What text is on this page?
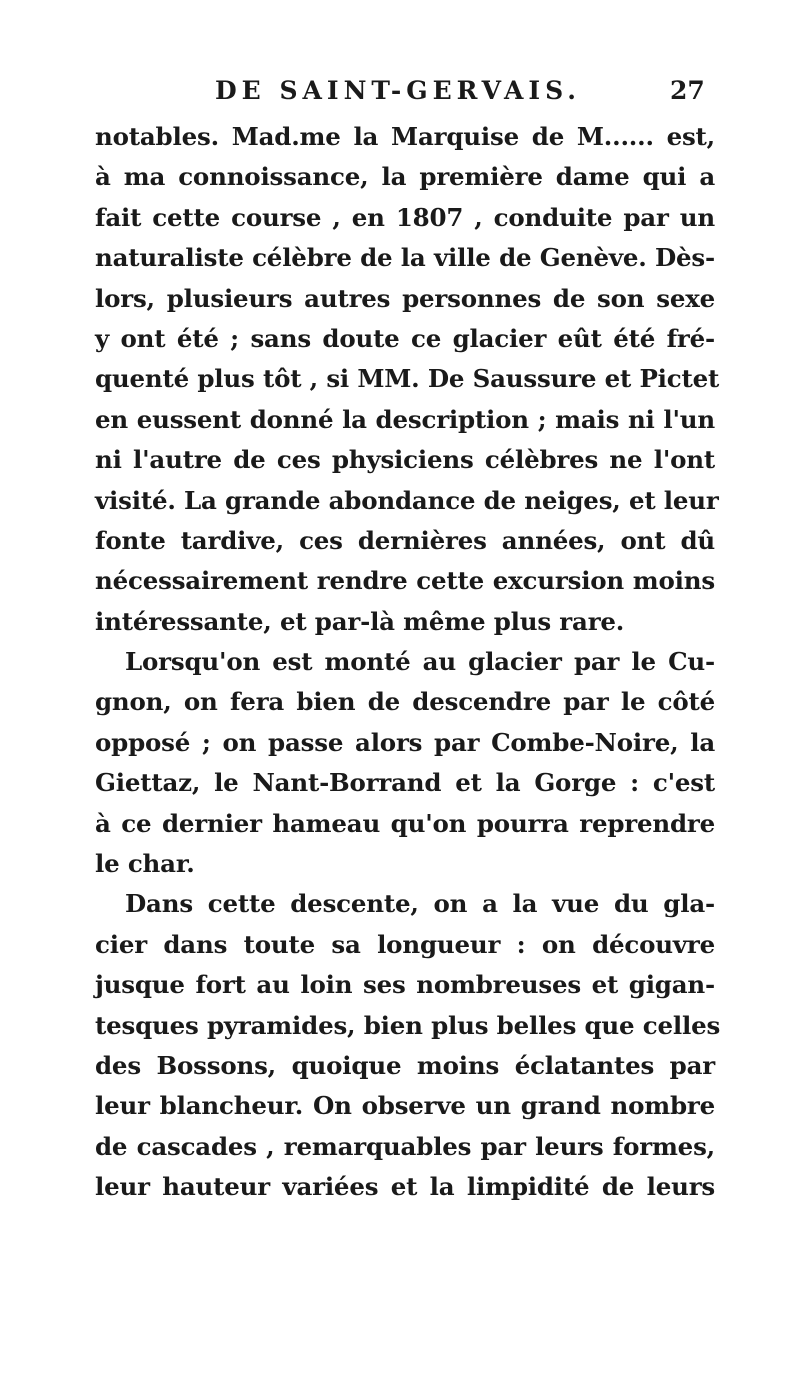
DE SAINT-GERVAIS.	27
notables. Mad.me la Marquise de M...... est,
à ma connoissance, la première dame qui a
fait cette course , en 1807 , conduite par un
naturaliste célèbre de la ville de Genève. Dès-
lors, plusieurs autres personnes de son sexe
y ont été ; sans doute ce glacier eût été fré-
quenté plus tôt , si MM. De Saussure et Pictet
en eussent donné la description ; mais ni l'un
ni l'autre de ces physiciens célèbres ne l'ont
visité. La grande abondance de neiges, et leur
fonte tardive, ces dernières années, ont dû
nécessairement rendre cette excursion moins
intéressante, et par-là même plus rare.
Lorsqu'on est monté au glacier par le Cu-
gnon, on fera bien de descendre par le côté
opposé ; on passe alors par Combe-Noire, la
Giettaz, le Nant-Borrand et la Gorge : c'est
à ce dernier hameau qu'on pourra reprendre
le char.
Dans cette descente, on a la vue du gla-
cier dans toute sa longueur : on découvre
jusque fort au loin ses nombreuses et gigan-
tesques pyramides, bien plus belles que celles
des Bossons, quoique moins éclatantes par
leur blancheur. On observe un grand nombre
de cascades , remarquables par leurs formes,
leur hauteur variées et la limpidité de leurs
